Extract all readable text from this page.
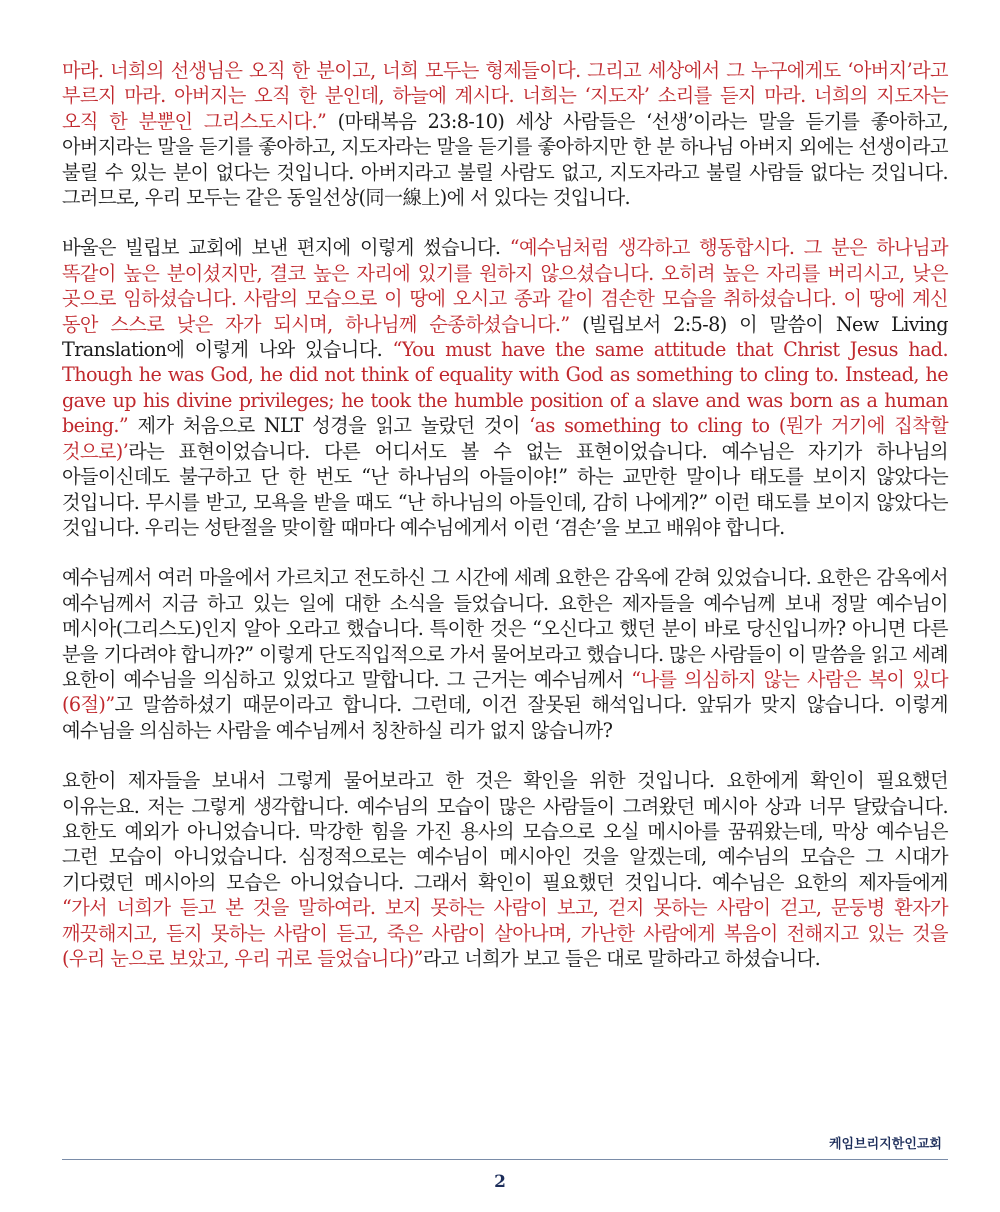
마라. 너희의 선생님은 오직 한 분이고, 너희 모두는 형제들이다. 그리고 세상에서 그 누구에게도 ‘아버지’라고 부르지 마라. 아버지는 오직 한 분인데, 하늘에 계시다. 너희는 ‘지도자’ 소리를 듣지 마라. 너희의 지도자는 오직 한 분뿐인 그리스도시다.” (마태복음 23:8-10) 세상 사람들은 ‘선생’이라는 말을 듣기를 좋아하고, 아버지라는 말을 듣기를 좋아하고, 지도자라는 말을 듣기를 좋아하지만 한 분 하나님 아버지 외에는 선생이라고 불릴 수 있는 분이 없다는 것입니다. 아버지라고 불릴 사람도 없고, 지도자라고 불릴 사람들 없다는 것입니다. 그러므로, 우리 모두는 같은 동일선상(同一線上)에 서 있다는 것입니다.

바울은 빌립보 교회에 보낸 편지에 이렇게 썼습니다. “예수님처럼 생각하고 행동합시다. 그 분은 하나님과 똑같이 높은 분이셨지만, 결코 높은 자리에 있기를 원하지 않으셨습니다. 오히려 높은 자리를 버리시고, 낮은 곳으로 임하셨습니다. 사람의 모습으로 이 땅에 오시고 종과 같이 겸손한 모습을 취하셨습니다. 이 땅에 계신 동안 스스로 낮은 자가 되시며, 하나님께 순종하셨습니다.” (빌립보서 2:5-8) 이 말씀이 New Living Translation에 이렇게 나와 있습니다. “You must have the same attitude that Christ Jesus had. Though he was God, he did not think of equality with God as something to cling to. Instead, he gave up his divine privileges; he took the humble position of a slave and was born as a human being.” 제가 처음으로 NLT 성경을 읽고 놀랐던 것이 ‘as something to cling to (뭔가 거기에 집착할 것으로)’라는 표현이었습니다. 다른 어디서도 볼 수 없는 표현이었습니다. 예수님은 자기가 하나님의 아들이신데도 불구하고 단 한 번도 “난 하나님의 아들이야!” 하는 교만한 말이나 태도를 보이지 않았다는 것입니다. 무시를 받고, 모욕을 받을 때도 “난 하나님의 아들인데, 감히 나에게?” 이런 태도를 보이지 않았다는 것입니다. 우리는 성탄절을 맞이할 때마다 예수님에게서 이런 ‘겸손’을 보고 배워야 합니다.

예수님께서 여러 마을에서 가르치고 전도하신 그 시간에 세례 요한은 감옥에 갇혀 있었습니다. 요한은 감옥에서 예수님께서 지금 하고 있는 일에 대한 소식을 들었습니다. 요한은 제자들을 예수님께 보내 정말 예수님이 메시아(그리스도)인지 알아 오라고 했습니다. 특이한 것은 “오신다고 했던 분이 바로 당신입니까? 아니면 다른 분을 기다려야 합니까?” 이렇게 단도직입적으로 가서 물어보라고 했습니다. 많은 사람들이 이 말씀을 읽고 세례 요한이 예수님을 의심하고 있었다고 말합니다. 그 근거는 예수님께서 “나를 의심하지 않는 사람은 복이 있다 (6절)”고 말씀하셨기 때문이라고 합니다. 그런데, 이건 잘못된 해석입니다. 앞뒤가 맞지 않습니다. 이렇게 예수님을 의심하는 사람을 예수님께서 칭찬하실 리가 없지 않습니까?

요한이 제자들을 보내서 그렇게 물어보라고 한 것은 확인을 위한 것입니다. 요한에게 확인이 필요했던 이유는요. 저는 그렇게 생각합니다. 예수님의 모습이 많은 사람들이 그려왔던 메시아 상과 너무 달랐습니다. 요한도 예외가 아니었습니다. 막강한 힘을 가진 용사의 모습으로 오실 메시아를 꿈꿔왔는데, 막상 예수님은 그런 모습이 아니었습니다. 심정적으로는 예수님이 메시아인 것을 알겠는데, 예수님의 모습은 그 시대가 기다렸던 메시아의 모습은 아니었습니다. 그래서 확인이 필요했던 것입니다. 예수님은 요한의 제자들에게 “가서 너희가 듣고 본 것을 말하여라. 보지 못하는 사람이 보고, 걷지 못하는 사람이 걷고, 문둥병 환자가 깨끗해지고, 듣지 못하는 사람이 듣고, 죽은 사람이 살아나며, 가난한 사람에게 복음이 전해지고 있는 것을 (우리 눈으로 보았고, 우리 귀로 들었습니다)”라고 너희가 보고 들은 대로 말하라고 하셨습니다.

케임브리지한인교회
2
